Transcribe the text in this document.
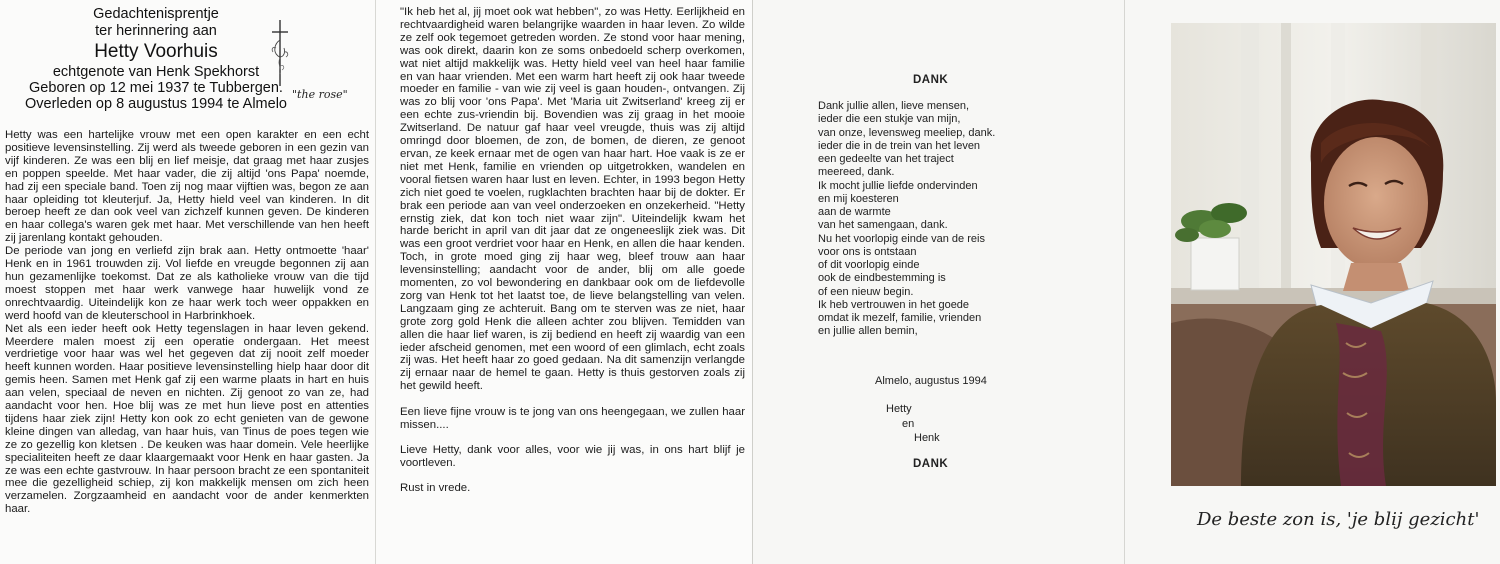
Gedachtenisprentje
ter herinnering aan
Hetty Voorhuis
echtgenote van Henk Spekhorst
Geboren op 12 mei 1937 te Tubbergen.
Overleden op 8 augustus 1994 te Almelo
"the rose"

Hetty was een hartelijke vrouw met een open karakter en een echt positieve levensinstelling. Zij werd als tweede geboren in een gezin van vijf kinderen. Ze was een blij en lief meisje, dat graag met haar zusjes en poppen speelde. Met haar vader, die zij altijd 'ons Papa' noemde, had zij een speciale band. Toen zij nog maar vijftien was, begon ze aan haar opleiding tot kleuterjuf. Ja, Hetty hield veel van kinderen. In dit beroep heeft ze dan ook veel van zichzelf kunnen geven. De kinderen en haar collega's waren gek met haar. Met verschillende van hen heeft zij jarenlang kontakt gehouden.

De periode van jong en verliefd zijn brak aan. Hetty ontmoette 'haar' Henk en in 1961 trouwden zij. Vol liefde en vreugde begonnen zij aan hun gezamenlijke toekomst. Dat ze als katholieke vrouw van die tijd moest stoppen met haar werk vanwege haar huwelijk vond ze onrechtvaardig. Uiteindelijk kon ze haar werk toch weer oppakken en werd hoofd van de kleuterschool in Harbrinkhoek.

Net als een ieder heeft ook Hetty tegenslagen in haar leven gekend. Meerdere malen moest zij een operatie ondergaan. Het meest verdrietige voor haar was wel het gegeven dat zij nooit zelf moeder heeft kunnen worden. Haar positieve levensinstelling hielp haar door dit gemis heen. Samen met Henk gaf zij een warme plaats in hart en huis aan velen, speciaal de neven en nichten. Zij genoot zo van ze, had aandacht voor hen. Hoe blij was ze met hun lieve post en attenties tijdens haar ziek zijn! Hetty kon ook zo echt genieten van de gewone kleine dingen van alledag, van haar huis, van Tinus de poes tegen wie ze zo gezellig kon kletsen . De keuken was haar domein. Vele heerlijke specialiteiten heeft ze daar klaargemaakt voor Henk en haar gasten. Ja ze was een echte gastvrouw. In haar persoon bracht ze een spontaniteit mee die gezelligheid schiep, zij kon makkelijk mensen om zich heen verzamelen. Zorgzaamheid en aandacht voor de ander kenmerkten haar.

"Ik heb het al, jij moet ook wat hebben", zo was Hetty. Eerlijkheid en rechtvaardigheid waren belangrijke waarden in haar leven. Zo wilde ze zelf ook tegemoet getreden worden. Ze stond voor haar mening, was ook direkt, daarin kon ze soms onbedoeld scherp overkomen, wat niet altijd makkelijk was. Hetty hield veel van heel haar familie en van haar vrienden. Met een warm hart heeft zij ook haar tweede moeder en familie - van wie zij veel is gaan houden-, ontvangen. Zij was zo blij voor 'ons Papa'. Met 'Maria uit Zwitserland' kreeg zij er een echte zus-vriendin bij. Bovendien was zij graag in het mooie Zwitserland. De natuur gaf haar veel vreugde, thuis was zij altijd omringd door bloemen, de zon, de bomen, de dieren, ze genoot ervan, ze keek ernaar met de ogen van haar hart. Hoe vaak is ze er niet met Henk, familie en vrienden op uitgetrokken, wandelen en vooral fietsen waren haar lust en leven. Echter, in 1993 begon Hetty zich niet goed te voelen, rugklachten brachten haar bij de dokter. Er brak een periode aan van veel onderzoeken en onzekerheid. "Hetty ernstig ziek, dat kon toch niet waar zijn". Uiteindelijk kwam het harde bericht in april van dit jaar dat ze ongeneeslijk ziek was. Dit was een groot verdriet voor haar en Henk, en allen die haar kenden. Toch, in grote moed ging zij haar weg, bleef trouw aan haar levensinstelling; aandacht voor de ander, blij om alle goede momenten, zo vol bewondering en dankbaar ook om de liefdevolle zorg van Henk tot het laatst toe, de lieve belangstelling van velen. Langzaam ging ze achteruit. Bang om te sterven was ze niet, haar grote zorg gold Henk die alleen achter zou blijven. Temidden van allen die haar lief waren, is zij bediend en heeft zij waardig van een ieder afscheid genomen, met een woord of een glimlach, echt zoals zij was. Het heeft haar zo goed gedaan. Na dit samenzijn verlangde zij ernaar naar de hemel te gaan. Hetty is thuis gestorven zoals zij het gewild heeft.

Een lieve fijne vrouw is te jong van ons heengegaan, we zullen haar missen....

Lieve Hetty, dank voor alles, voor wie jij was, in ons hart blijf je voortleven.

Rust in vrede.

DANK
Dank jullie allen, lieve mensen,
ieder die een stukje van mijn,
van onze, levensweg meeliep, dank.
ieder die in de trein van het leven
een gedeelte van het traject
meereed, dank.
Ik mocht jullie liefde ondervinden
en mij koesteren
aan de warmte
van het samengaan, dank.
Nu het voorlopig einde van de reis
voor ons is ontstaan
of dit voorlopig einde
ook de eindbestemming is
of een nieuw begin.
Ik heb vertrouwen in het goede
omdat ik mezelf, familie, vrienden
en jullie allen bemin,
Almelo, augustus 1994
Hetty
en
Henk
DANK
De beste zon is, 'je blij gezicht'
